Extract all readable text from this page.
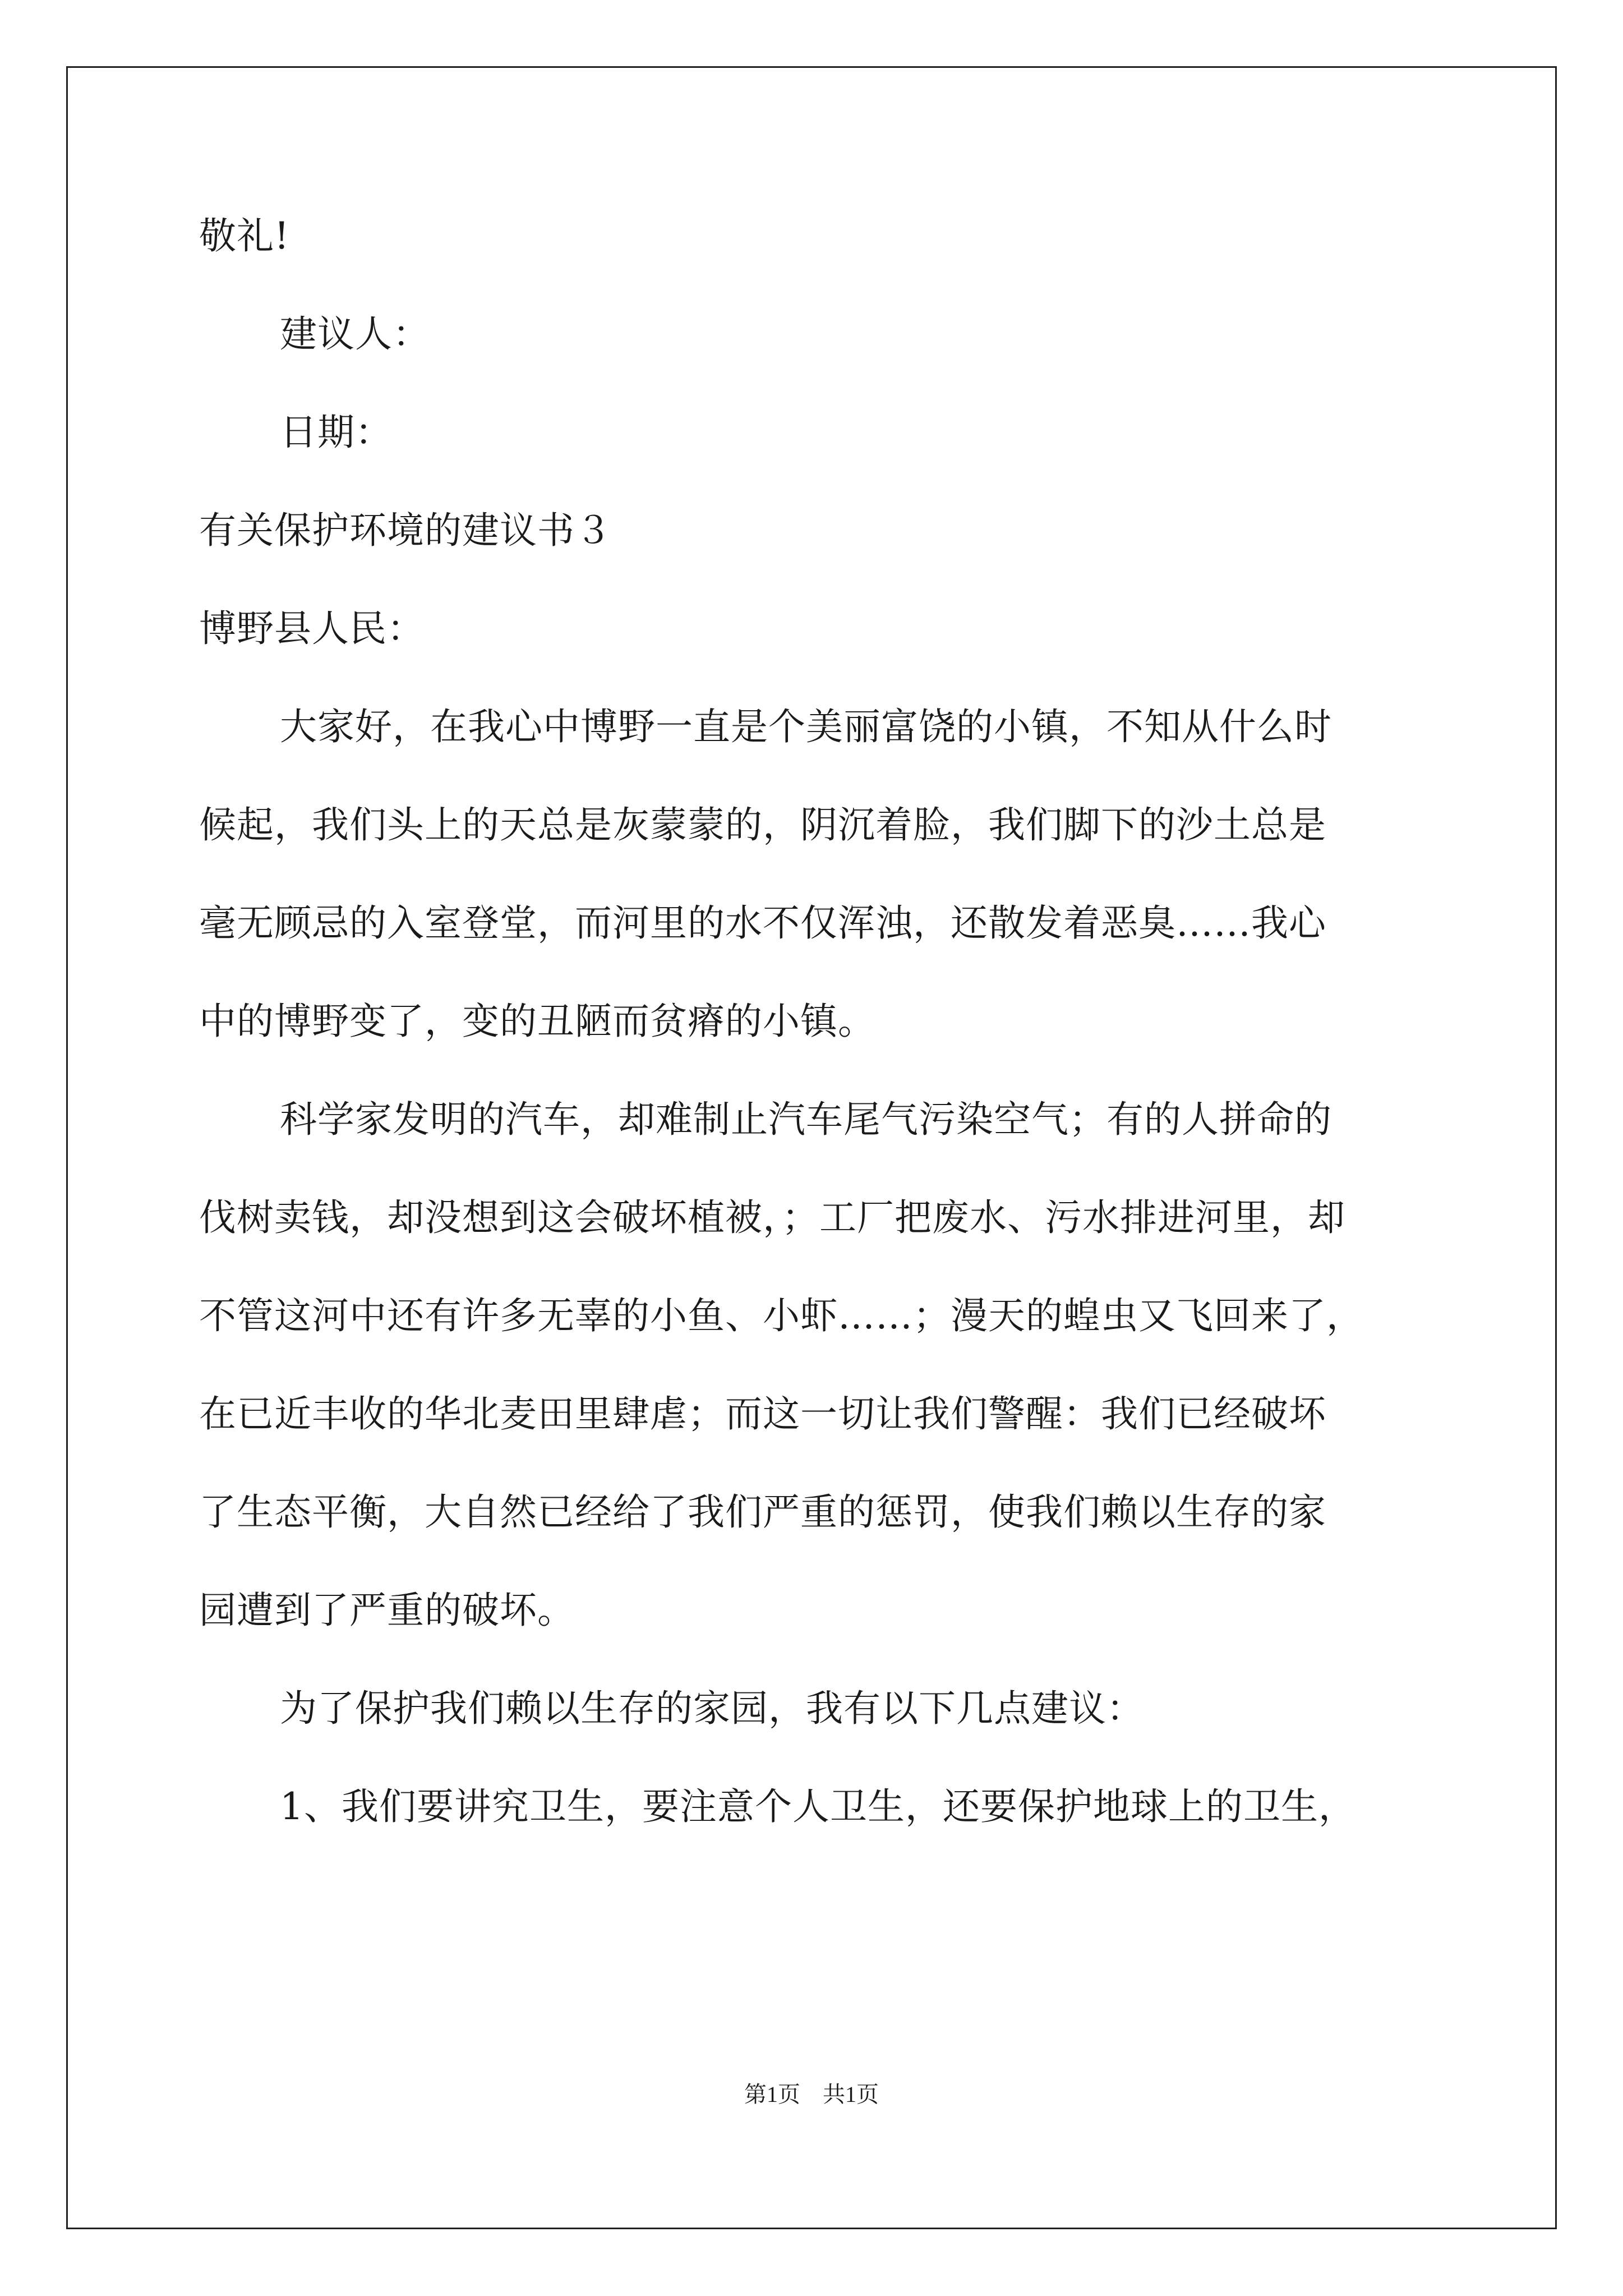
敬礼!
建议人：
日期：
有关保护环境的建议书３
博野县人民：
大家好，在我心中博野一直是个美丽富饶的小镇，不知从什么时
候起，我们头上的天总是灰蒙蒙的，阴沉着脸，我们脚下的沙土总是
毫无顾忌的入室登堂，而河里的水不仅浑浊，还散发着恶臭……我心
中的博野变了，变的丑陋而贫瘠的小镇。
科学家发明的汽车，却难制止汽车尾气污染空气；有的人拼命的
伐树卖钱，却没想到这会破坏植被，；工厂把废水、污水排进河里，却
不管这河中还有许多无辜的小鱼、小虾……；漫天的蝗虫又飞回来了，
在已近丰收的华北麦田里肆虐；而这一切让我们警醒：我们已经破坏
了生态平衡，大自然已经给了我们严重的惩罚，使我们赖以生存的家
园遭到了严重的破坏。
为了保护我们赖以生存的家园，我有以下几点建议：
1、我们要讲究卫生，要注意个人卫生，还要保护地球上的卫生，
第1页 共1页
